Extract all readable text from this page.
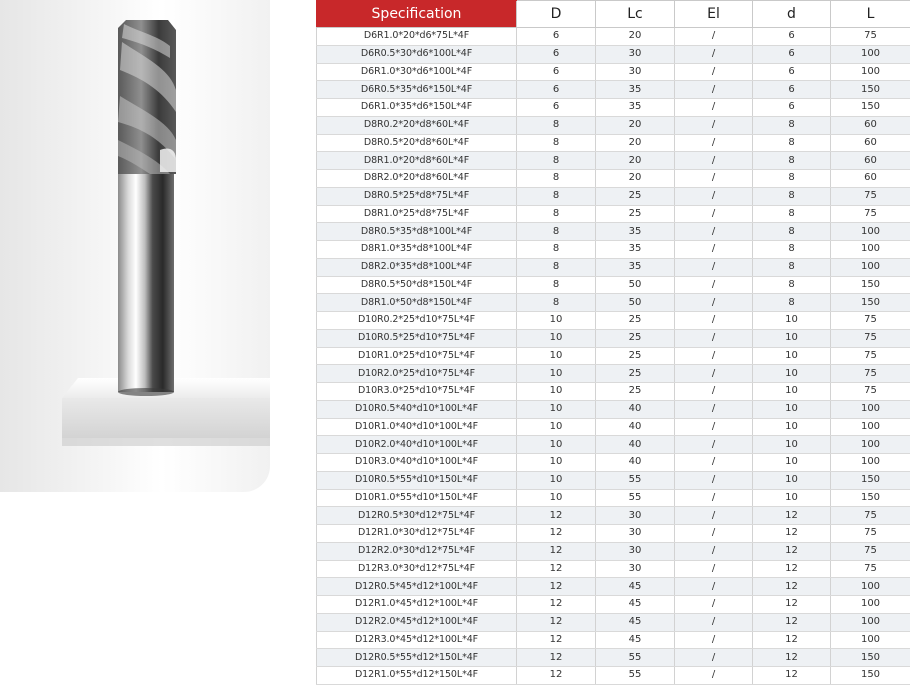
Specification	D	Lc	El	d	L
D6R1.0*20*d6*75L*4F	6	20	/	6	75
D6R0.5*30*d6*100L*4F	6	30	/	6	100
D6R1.0*30*d6*100L*4F	6	30	/	6	100
D6R0.5*35*d6*150L*4F	6	35	/	6	150
D6R1.0*35*d6*150L*4F	6	35	/	6	150
D8R0.2*20*d8*60L*4F	8	20	/	8	60
D8R0.5*20*d8*60L*4F	8	20	/	8	60
D8R1.0*20*d8*60L*4F	8	20	/	8	60
D8R2.0*20*d8*60L*4F	8	20	/	8	60
D8R0.5*25*d8*75L*4F	8	25	/	8	75
D8R1.0*25*d8*75L*4F	8	25	/	8	75
D8R0.5*35*d8*100L*4F	8	35	/	8	100
D8R1.0*35*d8*100L*4F	8	35	/	8	100
D8R2.0*35*d8*100L*4F	8	35	/	8	100
D8R0.5*50*d8*150L*4F	8	50	/	8	150
D8R1.0*50*d8*150L*4F	8	50	/	8	150
D10R0.2*25*d10*75L*4F	10	25	/	10	75
D10R0.5*25*d10*75L*4F	10	25	/	10	75
D10R1.0*25*d10*75L*4F	10	25	/	10	75
D10R2.0*25*d10*75L*4F	10	25	/	10	75
D10R3.0*25*d10*75L*4F	10	25	/	10	75
D10R0.5*40*d10*100L*4F	10	40	/	10	100
D10R1.0*40*d10*100L*4F	10	40	/	10	100
D10R2.0*40*d10*100L*4F	10	40	/	10	100
D10R3.0*40*d10*100L*4F	10	40	/	10	100
D10R0.5*55*d10*150L*4F	10	55	/	10	150
D10R1.0*55*d10*150L*4F	10	55	/	10	150
D12R0.5*30*d12*75L*4F	12	30	/	12	75
D12R1.0*30*d12*75L*4F	12	30	/	12	75
D12R2.0*30*d12*75L*4F	12	30	/	12	75
D12R3.0*30*d12*75L*4F	12	30	/	12	75
D12R0.5*45*d12*100L*4F	12	45	/	12	100
D12R1.0*45*d12*100L*4F	12	45	/	12	100
D12R2.0*45*d12*100L*4F	12	45	/	12	100
D12R3.0*45*d12*100L*4F	12	45	/	12	100
D12R0.5*55*d12*150L*4F	12	55	/	12	150
D12R1.0*55*d12*150L*4F	12	55	/	12	150
